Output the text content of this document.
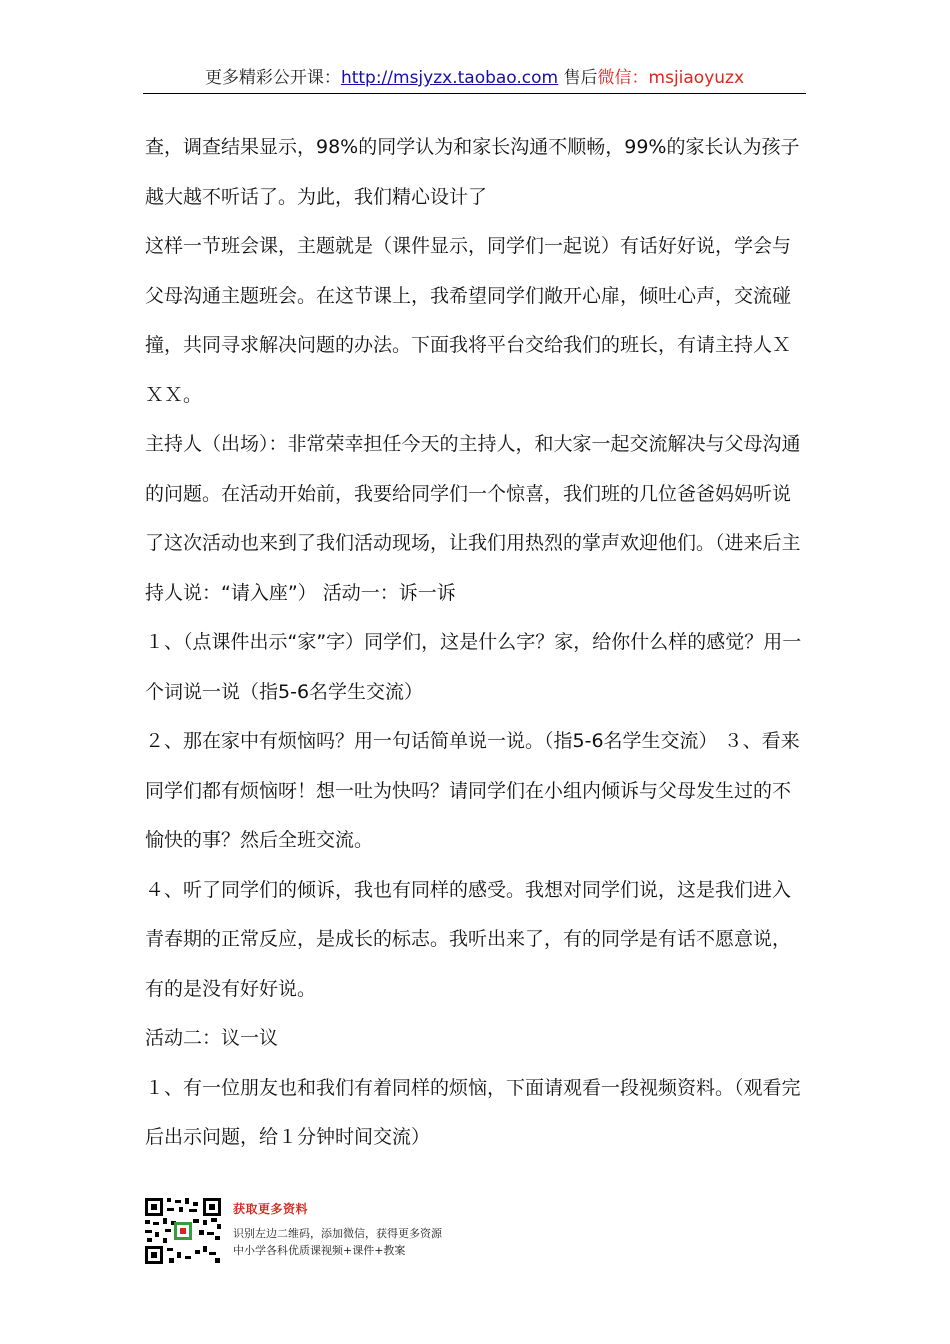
更多精彩公开课：http://msjyzx.taobao.com 售后微信：msjiaoyuzx

查，调查结果显示，98%的同学认为和家长沟通不顺畅，99%的家长认为孩子越大越不听话了。为此，我们精心设计了

这样一节班会课，主题就是（课件显示，同学们一起说）有话好好说，学会与父母沟通主题班会。在这节课上，我希望同学们敞开心扉，倾吐心声，交流碰撞，共同寻求解决问题的办法。下面我将平台交给我们的班长，有请主持人ＸＸＸ。

主持人（出场）：非常荣幸担任今天的主持人，和大家一起交流解决与父母沟通的问题。在活动开始前，我要给同学们一个惊喜，我们班的几位爸爸妈妈听说了这次活动也来到了我们活动现场，让我们用热烈的掌声欢迎他们。（进来后主持人说：“请入座”） 活动一：诉一诉

１、（点课件出示“家”字）同学们，这是什么字？家，给你什么样的感觉？用一个词说一说（指5-6名学生交流）

２、那在家中有烦恼吗？用一句话简单说一说。（指5-6名学生交流） ３、看来同学们都有烦恼呀！想一吐为快吗？请同学们在小组内倾诉与父母发生过的不愉快的事？然后全班交流。

４、听了同学们的倾诉，我也有同样的感受。我想对同学们说，这是我们进入青春期的正常反应，是成长的标志。我听出来了，有的同学是有话不愿意说，有的是没有好好说。

活动二：议一议

１、有一位朋友也和我们有着同样的烦恼，下面请观看一段视频资料。（观看完后出示问题，给１分钟时间交流）

获取更多资料
识别左边二维码，添加微信，获得更多资源
中小学各科优质课视频+课件+教案
